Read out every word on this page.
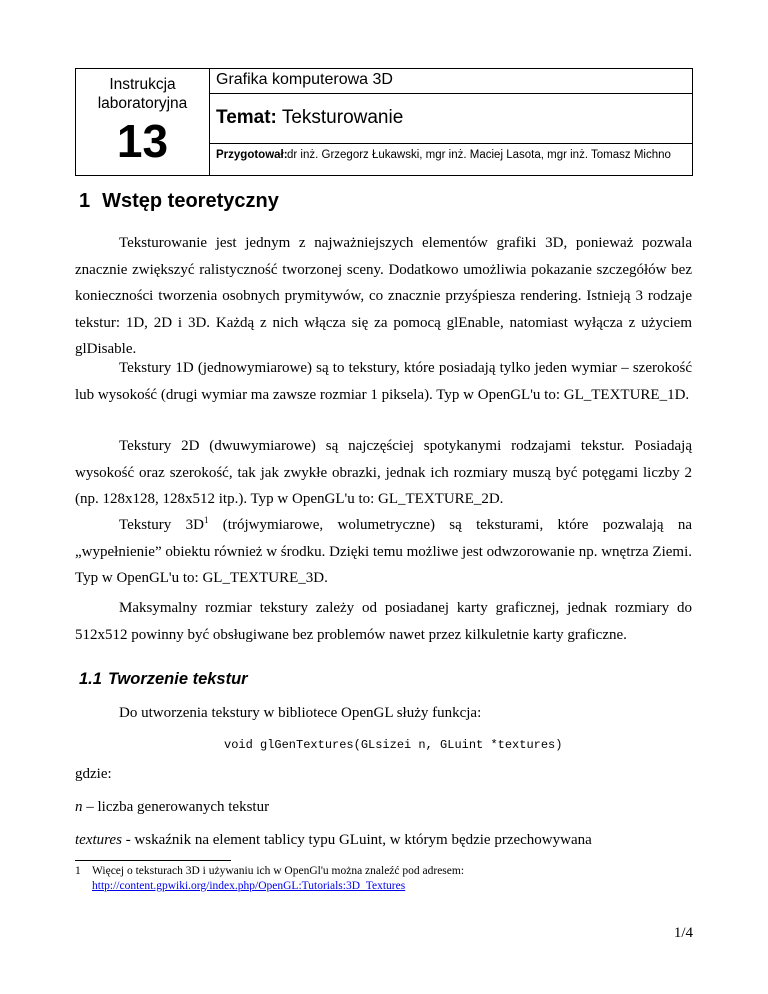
Instrukcja laboratoryjna
13
Grafika komputerowa 3D
Temat: Teksturowanie
Przygotował: dr inż. Grzegorz Łukawski, mgr inż. Maciej Lasota, mgr inż. Tomasz Michno
1 Wstęp teoretyczny

Teksturowanie jest jednym z najważniejszych elementów grafiki 3D, ponieważ pozwala znacznie zwiększyć ralistyczność tworzonej sceny. Dodatkowo umożliwia pokazanie szczegółów bez konieczności tworzenia osobnych prymitywów, co znacznie przyśpiesza rendering. Istnieją 3 rodzaje tekstur: 1D, 2D i 3D. Każdą z nich włącza się za pomocą glEnable, natomiast wyłącza z użyciem glDisable.

Tekstury 1D (jednowymiarowe) są to tekstury, które posiadają tylko jeden wymiar – szerokość lub wysokość (drugi wymiar ma zawsze rozmiar 1 piksela). Typ w OpenGL'u to: GL_TEXTURE_1D.

Tekstury 2D (dwuwymiarowe) są najczęściej spotykanymi rodzajami tekstur. Posiadają wysokość oraz szerokość, tak jak zwykłe obrazki, jednak ich rozmiary muszą być potęgami liczby 2 (np. 128x128, 128x512 itp.). Typ w OpenGL'u to: GL_TEXTURE_2D.

Tekstury $3D^1$ (trójwymiarowe, wolumetryczne) są teksturami, które pozwalają na „wypełnienie” obiektu również w środku. Dzięki temu możliwe jest odwzorowanie np. wnętrza Ziemi. Typ w OpenGL'u to: GL_TEXTURE_3D.

Maksymalny rozmiar tekstury zależy od posiadanej karty graficznej, jednak rozmiary do 512x512 powinny być obsługiwane bez problemów nawet przez kilkuletnie karty graficzne.

1.1 Tworzenie tekstur

Do utworzenia tekstury w bibliotece OpenGL służy funkcja:

void glGenTextures(GLsizei n, GLuint *textures)
gdzie:
n – liczba generowanych tekstur
textures - wskaźnik na element tablicy typu GLuint, w którym będzie przechowywana
1 Więcej o teksturach 3D i używaniu ich w OpenGl'u można znaleźć pod adresem:
http://content.gpwiki.org/index.php/OpenGL:Tutorials:3D_Textures
1/4
